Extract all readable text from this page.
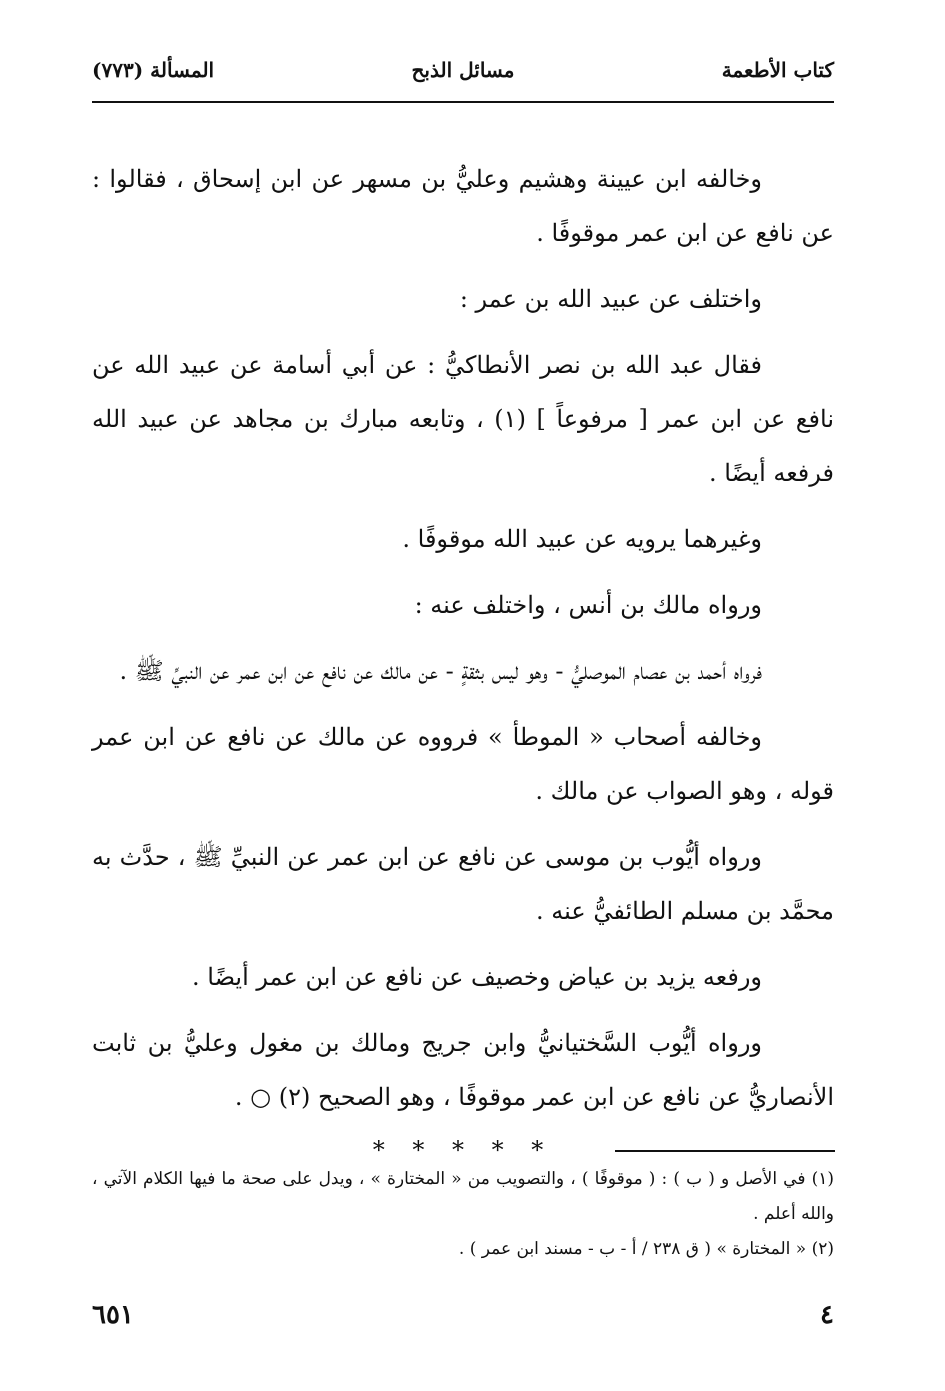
كتاب الأطعمة
مسائل الذبح
المسألة (٧٧٣)

وخالفه ابن عيينة وهشيم وعليُّ بن مسهر عن ابن إسحاق ، فقالوا : عن نافع عن ابن عمر موقوفًا .

واختلف عن عبيد الله بن عمر :

فقال عبد الله بن نصر الأنطاكيُّ : عن أبي أسامة عن عبيد الله عن نافع عن ابن عمر [ مرفوعاً ] (١) ، وتابعه مبارك بن مجاهد عن عبيد الله فرفعه أيضًا .

وغيرهما يرويه عن عبيد الله موقوفًا .

ورواه مالك بن أنس ، واختلف عنه :

فرواه أحمد بن عصام الموصليُّ - وهو ليس بثقةٍ - عن مالك عن نافع عن ابن عمر عن النبيِّ ﷺ .

وخالفه أصحاب « الموطأ » فرووه عن مالك عن نافع عن ابن عمر قوله ، وهو الصواب عن مالك .

ورواه أيُّوب بن موسى عن نافع عن ابن عمر عن النبيِّ ﷺ ، حدَّث به محمَّد بن مسلم الطائفيُّ عنه .

ورفعه يزيد بن عياض وخصيف عن نافع عن ابن عمر أيضًا .

ورواه أيُّوب السَّختيانيُّ وابن جريج ومالك بن مغول وعليُّ بن ثابت الأنصاريُّ عن نافع عن ابن عمر موقوفًا ، وهو الصحيح (٢) ○ .

* * * * *

(١) في الأصل و ( ب ) : ( موقوفًا ) ، والتصويب من « المختارة » ، ويدل على صحة ما فيها الكلام الآتي ، والله أعلم .

(٢) « المختارة » ( ق ٢٣٨ / أ - ب - مسند ابن عمر ) .

٤
٦٥١
